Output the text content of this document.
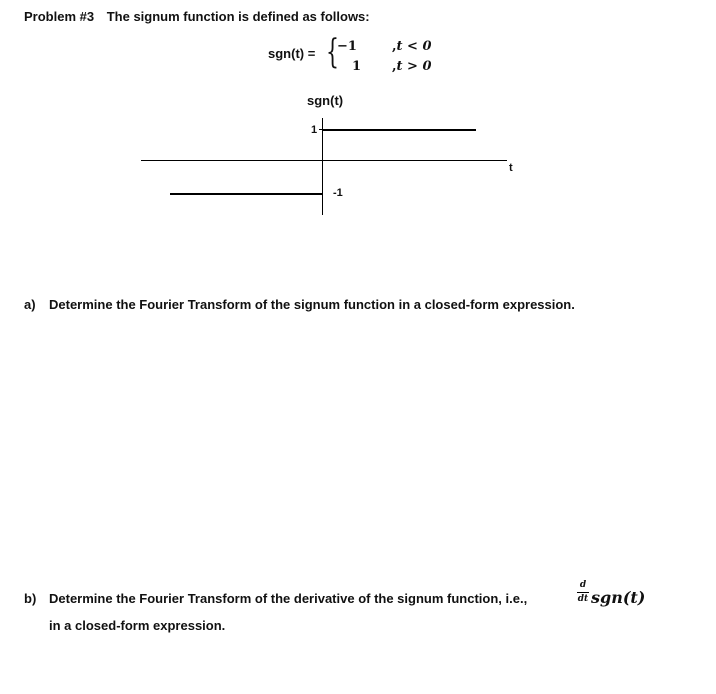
Problem #3 The signum function is defined as follows:
sgn(t) = {
−1
1
,t < 0
,t > 0
sgn(t)
1
-1
t
a) Determine the Fourier Transform of the signum function in a closed-form expression.
b) Determine the Fourier Transform of the derivative of the signum function, i.e.,
d
dt sgn(t)
in a closed-form expression.
